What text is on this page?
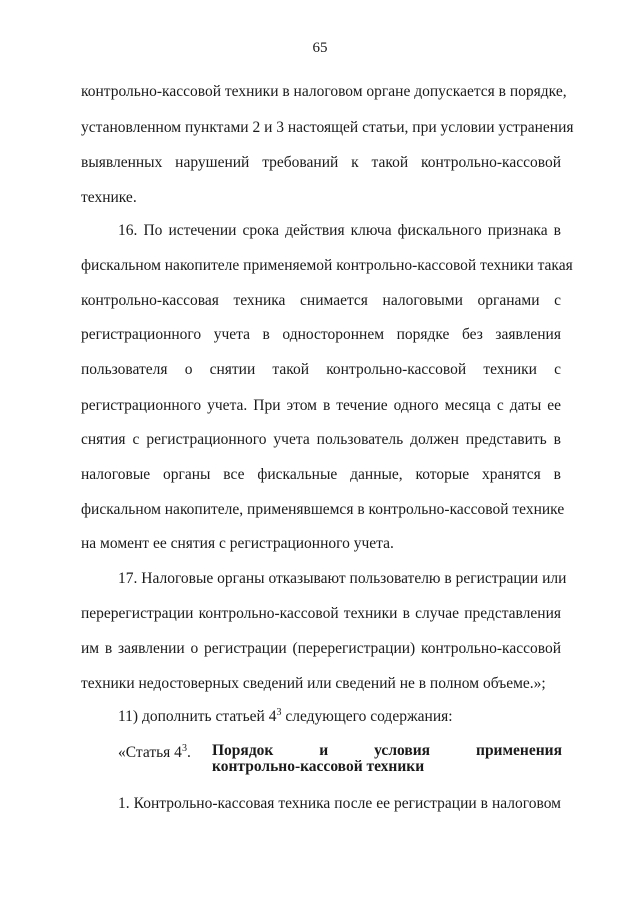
65
контрольно-кассовой техники в налоговом органе допускается в порядке,
установленном пунктами 2 и 3 настоящей статьи, при условии устранения
выявленных нарушений требований к такой контрольно-кассовой
технике.
16. По истечении срока действия ключа фискального признака в
фискальном накопителе применяемой контрольно-кассовой техники такая
контрольно-кассовая техника снимается налоговыми органами с
регистрационного учета в одностороннем порядке без заявления
пользователя о снятии такой контрольно-кассовой техники с
регистрационного учета. При этом в течение одного месяца с даты ее
снятия с регистрационного учета пользователь должен представить в
налоговые органы все фискальные данные, которые хранятся в
фискальном накопителе, применявшемся в контрольно-кассовой технике
на момент ее снятия с регистрационного учета.
17. Налоговые органы отказывают пользователю в регистрации или
перерегистрации контрольно-кассовой техники в случае представления
им в заявлении о регистрации (перерегистрации) контрольно-кассовой
техники недостоверных сведений или сведений не в полном объеме.»;
11) дополнить статьей $4^3$ следующего содержания:
«Статья $4^3$. Порядок и условия применения
контрольно-кассовой техники
1. Контрольно-кассовая техника после ее регистрации в налоговом
